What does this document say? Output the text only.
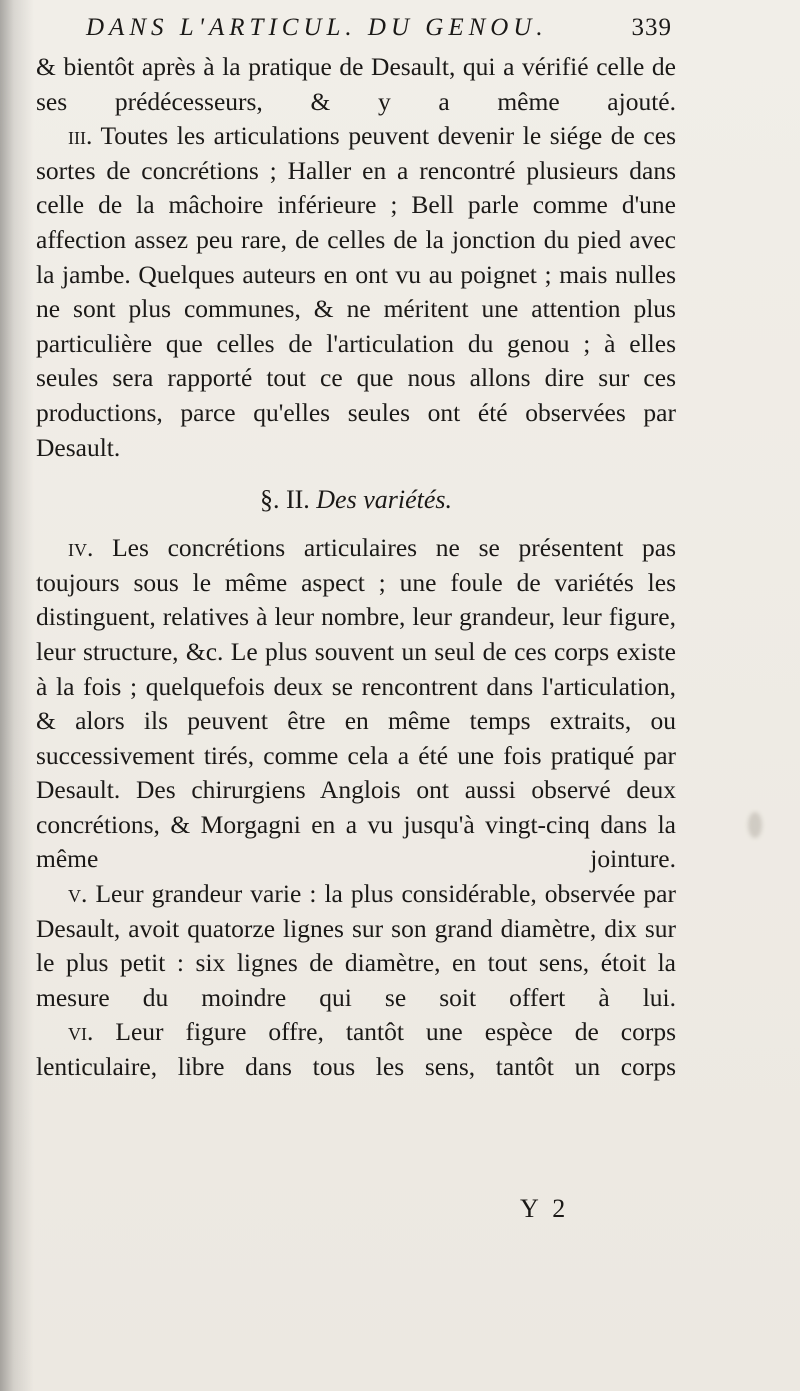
DANS L'ARTICUL. DU GENOU.	339

& bientôt après à la pratique de Desault, qui a vérifié celle de ses prédécesseurs, & y a même ajouté.

iii. Toutes les articulations peuvent devenir le siége de ces sortes de concrétions ; Haller en a rencontré plusieurs dans celle de la mâchoire inférieure ; Bell parle comme d'une affection assez peu rare, de celles de la jonction du pied avec la jambe. Quelques auteurs en ont vu au poignet ; mais nulles ne sont plus communes, & ne méritent une attention plus particulière que celles de l'articulation du genou ; à elles seules sera rapporté tout ce que nous allons dire sur ces productions, parce qu'elles seules ont été observées par Desault.

§. II. Des variétés.

iv. Les concrétions articulaires ne se présentent pas toujours sous le même aspect ; une foule de variétés les distinguent, relatives à leur nombre, leur grandeur, leur figure, leur structure, &c. Le plus souvent un seul de ces corps existe à la fois ; quelquefois deux se rencontrent dans l'articulation, & alors ils peuvent être en même temps extraits, ou successivement tirés, comme cela a été une fois pratiqué par Desault. Des chirurgiens Anglois ont aussi observé deux concrétions, & Morgagni en a vu jusqu'à vingt-cinq dans la même jointure.

v. Leur grandeur varie : la plus considérable, observée par Desault, avoit quatorze lignes sur son grand diamètre, dix sur le plus petit : six lignes de diamètre, en tout sens, étoit la mesure du moindre qui se soit offert à lui.

vi. Leur figure offre, tantôt une espèce de corps lenticulaire, libre dans tous les sens, tantôt un corps

Y 2
